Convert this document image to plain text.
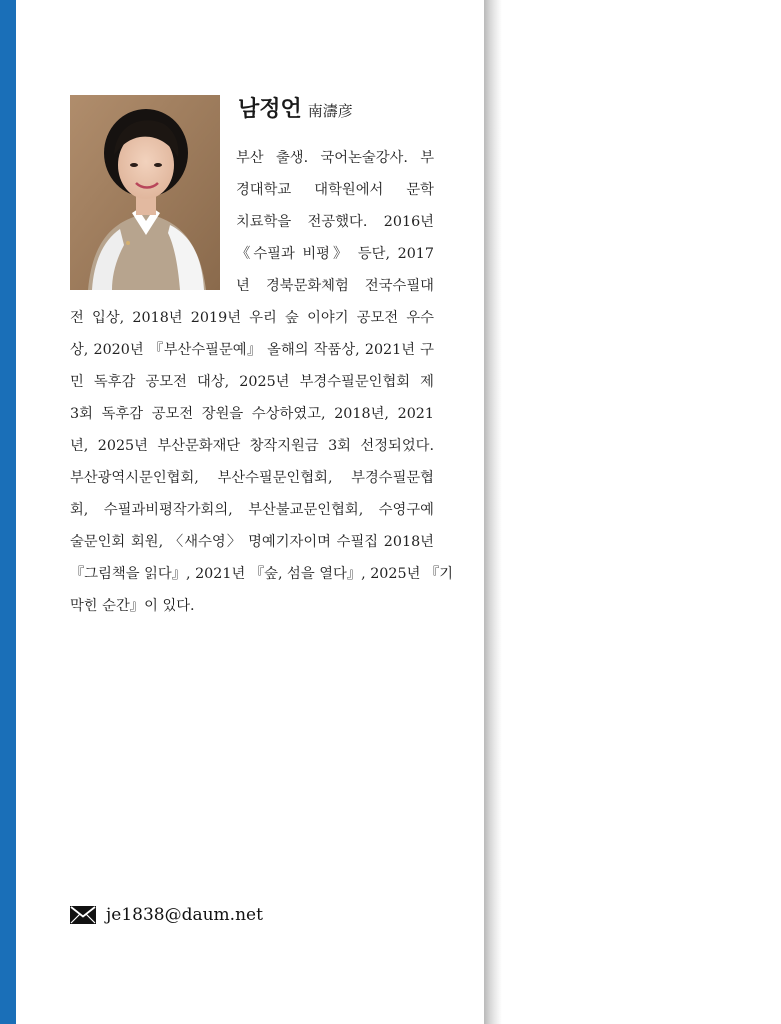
남정언 南濤彦
부산 출생. 국어논술강사. 부
경대학교 대학원에서 문학
치료학을 전공했다. 2016년
《수필과 비평》 등단, 2017
년 경북문화체험 전국수필대
전 입상, 2018년 2019년 우리 숲 이야기 공모전 우수
상, 2020년 『부산수필문예』 올해의 작품상, 2021년 구
민 독후감 공모전 대상, 2025년 부경수필문인협회 제
3회 독후감 공모전 장원을 수상하였고, 2018년, 2021
년, 2025년 부산문화재단 창작지원금 3회 선정되었다.
부산광역시문인협회, 부산수필문인협회, 부경수필문협
회, 수필과비평작가회의, 부산불교문인협회, 수영구예
술문인회 회원, 〈새수영〉 명예기자이며 수필집 2018년
『그림책을 읽다』, 2021년 『숲, 섬을 열다』, 2025년 『기
막힌 순간』이 있다.
je1838@daum.net
